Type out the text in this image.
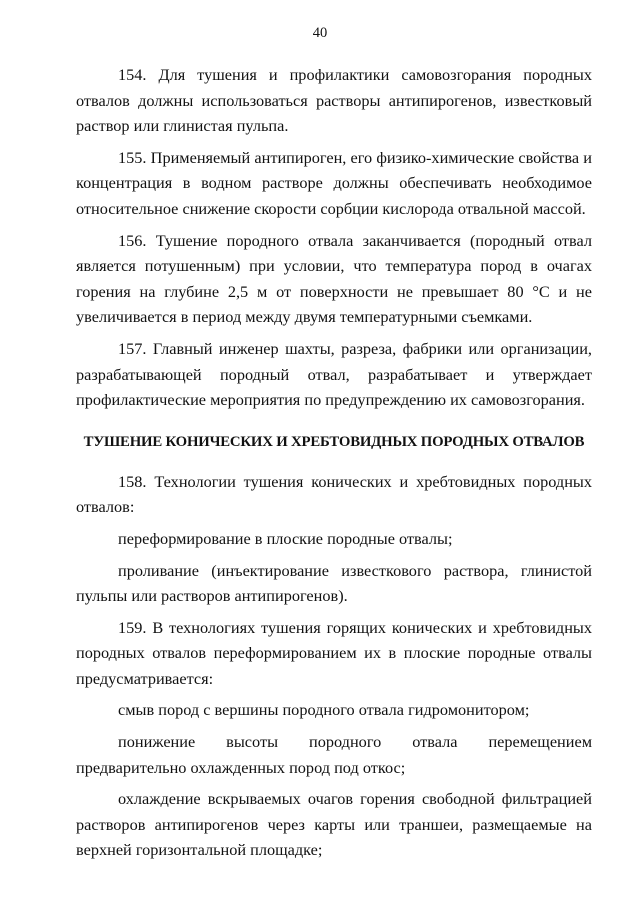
40

154. Для тушения и профилактики самовозгорания породных отвалов должны использоваться растворы антипирогенов, известковый раствор или глинистая пульпа.

155. Применяемый антипироген, его физико-химические свойства и концентрация в водном растворе должны обеспечивать необходимое относительное снижение скорости сорбции кислорода отвальной массой.

156. Тушение породного отвала заканчивается (породный отвал является потушенным) при условии, что температура пород в очагах горения на глубине 2,5 м от поверхности не превышает 80 °С и не увеличивается в период между двумя температурными съемками.

157. Главный инженер шахты, разреза, фабрики или организации, разрабатывающей породный отвал, разрабатывает и утверждает профилактические мероприятия по предупреждению их самовозгорания.

ТУШЕНИЕ КОНИЧЕСКИХ И ХРЕБТОВИДНЫХ ПОРОДНЫХ ОТВАЛОВ

158. Технологии тушения конических и хребтовидных породных отвалов:

переформирование в плоские породные отвалы;

проливание (инъектирование известкового раствора, глинистой пульпы или растворов антипирогенов).

159. В технологиях тушения горящих конических и хребтовидных породных отвалов переформированием их в плоские породные отвалы предусматривается:

смыв пород с вершины породного отвала гидромонитором;

понижение высоты породного отвала перемещением предварительно охлажденных пород под откос;

охлаждение вскрываемых очагов горения свободной фильтрацией растворов антипирогенов через карты или траншеи, размещаемые на верхней горизонтальной площадке;
